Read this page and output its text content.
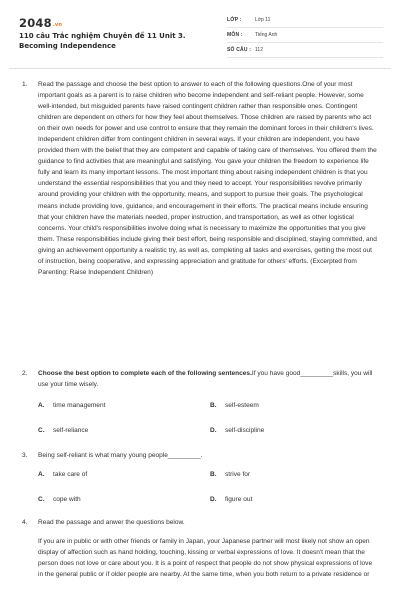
2048.vn
110 câu Trắc nghiệm Chuyên đề 11 Unit 3. Becoming Independence
LỚP :	Lớp 11
MÔN : Tiếng Anh
SỐ CÂU : 112
1. Read the passage and choose the best option to answer to each of the following questions.One of your most important goals as a parent is to raise children who become independent and self-reliant people. However, some well-intended, but misguided parents have raised contingent children rather than responsible ones. Contingent children are dependent on others for how they feel about themselves. Those children are raised by parents who act on their own needs for power and use control to ensure that they remain the dominant forces in their children's lives. Independent children differ from contingent children in several ways. If your children are independent, you have provided them with the belief that they are competent and capable of taking care of themselves. You offered them the guidance to find activities that are meaningful and satisfying. You gave your children the freedom to experience life fully and learn its many important lessons. The most important thing about raising independent children is that you understand the essential responsibilities that you and they need to accept. Your responsibilities revolve primarily around providing your children with the opportunity, means, and support to pursue their goals. The psychological means include providing love, guidance, and encouragement in their efforts. The practical means include ensuring that your children have the materials needed, proper instruction, and transportation, as well as other logistical concerns. Your child's responsibilities involve doing what is necessary to maximize the opportunities that you give them. These responsibilities include giving their best effort, being responsible and disciplined, staying committed, and giving an achievement opportunity a realistic try, as well as, completing all tasks and exercises, getting the most out of instruction, being cooperative, and expressing appreciation and gratitude for others' efforts. (Excerpted from Parenting: Raise Independent Children)
2. Choose the best option to complete each of the following sentences.If you have good_________skills, you will use your time wisely.
A. time management	B. self-esteem
C. self-reliance	D. self-discipline
3. Being self-reliant is what many young people_________.
A. take care of	B. strive for
C. cope with	D. figure out
4. Read the passage and anwer the questions below.
If you are in public or with other friends or family in Japan, your Japanese partner will most likely not show an open display of affection such as hand holding, touching, kissing or verbal expressions of love. It doesn't mean that the person does not love or care about you. It is a point of respect that people do not show physical expressions of love in the general public or if older people are nearby. At the same time, when you both return to a private residence or
